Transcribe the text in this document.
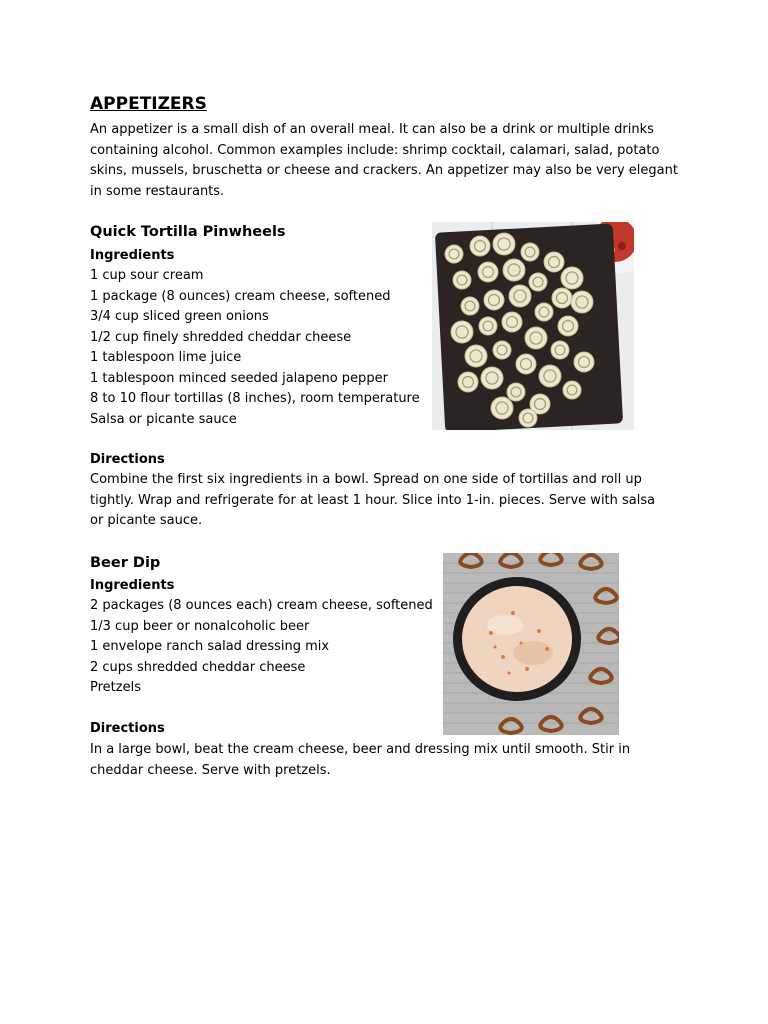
APPETIZERS

An appetizer is a small dish of an overall meal. It can also be a drink or multiple drinks containing alcohol. Common examples include: shrimp cocktail, calamari, salad, potato skins, mussels, bruschetta or cheese and crackers. An appetizer may also be very elegant in some restaurants.

Quick Tortilla Pinwheels
Ingredients
1 cup sour cream
1 package (8 ounces) cream cheese, softened
3/4 cup sliced green onions
1/2 cup finely shredded cheddar cheese
1 tablespoon lime juice
1 tablespoon minced seeded jalapeno pepper
8 to 10 flour tortillas (8 inches), room temperature
Salsa or picante sauce
Directions

Combine the first six ingredients in a bowl. Spread on one side of tortillas and roll up tightly. Wrap and refrigerate for at least 1 hour. Slice into 1-in. pieces. Serve with salsa or picante sauce.

Beer Dip
Ingredients
2 packages (8 ounces each) cream cheese, softened
1/3 cup beer or nonalcoholic beer
1 envelope ranch salad dressing mix
2 cups shredded cheddar cheese
Pretzels
Directions

In a large bowl, beat the cream cheese, beer and dressing mix until smooth. Stir in cheddar cheese. Serve with pretzels.
